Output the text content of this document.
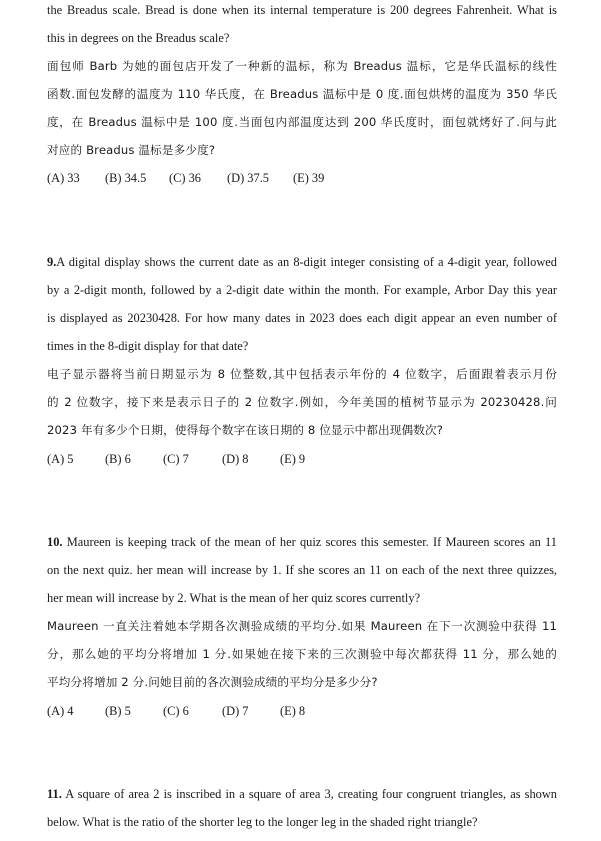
the Breadus scale. Bread is done when its internal temperature is 200 degrees Fahrenheit. What is
this in degrees on the Breadus scale?
面包师 Barb 为她的面包店开发了一种新的温标，称为 Breadus 温标，它是华氏温标的线性
函数.面包发酵的温度为 110 华氏度，在 Breadus 温标中是 0 度.面包烘烤的温度为 350 华氏
度，在 Breadus 温标中是 100 度.当面包内部温度达到 200 华氏度时，面包就烤好了.问与此
对应的 Breadus 温标是多少度?
(A) 33 (B) 34.5 (C) 36 (D) 37.5 (E) 39
9.A digital display shows the current date as an 8-digit integer consisting of a 4-digit year, followed
by a 2-digit month, followed by a 2-digit date within the month. For example, Arbor Day this year
is displayed as 20230428. For how many dates in 2023 does each digit appear an even number of
times in the 8-digit display for that date?
电子显示器将当前日期显示为 8 位整数,其中包括表示年份的 4 位数字，后面跟着表示月份
的 2 位数字，接下来是表示日子的 2 位数字.例如，今年美国的植树节显示为 20230428.问
2023 年有多少个日期，使得每个数字在该日期的 8 位显示中都出现偶数次?
(A) 5	(B) 6	(C) 7	(D) 8	(E) 9
10. Maureen is keeping track of the mean of her quiz scores this semester. If Maureen scores an 11
on the next quiz. her mean will increase by 1. If she scores an 11 on each of the next three quizzes,
her mean will increase by 2. What is the mean of her quiz scores currently?
Maureen 一直关注着她本学期各次测验成绩的平均分.如果 Maureen 在下一次测验中获得 11
分，那么她的平均分将增加 1 分.如果她在接下来的三次测验中每次都获得 11 分，那么她的
平均分将增加 2 分.问她目前的各次测验成绩的平均分是多少分?
(A) 4	(B) 5	(C) 6	(D) 7	(E) 8
11. A square of area 2 is inscribed in a square of area 3, creating four congruent triangles, as shown
below. What is the ratio of the shorter leg to the longer leg in the shaded right triangle?
